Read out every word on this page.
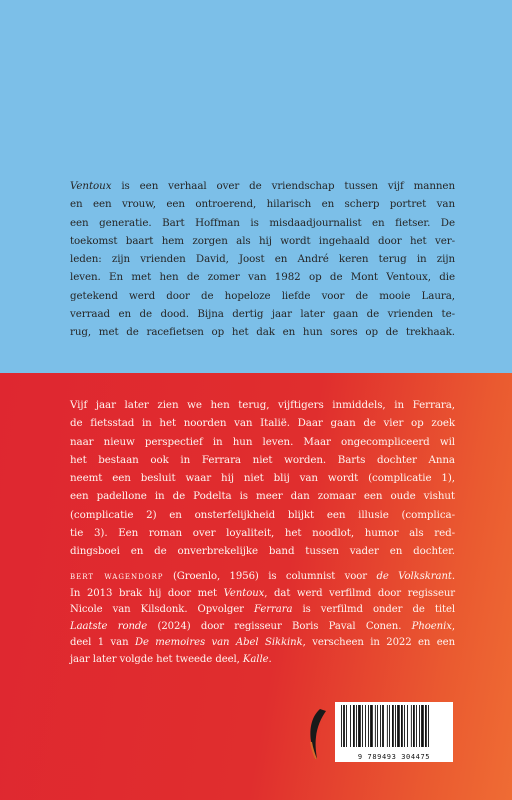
Ventoux is een verhaal over de vriendschap tussen vijf mannen
en een vrouw, een ontroerend, hilarisch en scherp portret van
een generatie. Bart Hoffman is misdaadjournalist en fietser. De
toekomst baart hem zorgen als hij wordt ingehaald door het ver-
leden: zijn vrienden David, Joost en André keren terug in zijn
leven. En met hen de zomer van 1982 op de Mont Ventoux, die
getekend werd door de hopeloze liefde voor de mooie Laura,
verraad en de dood. Bijna dertig jaar later gaan de vrienden te-
rug, met de racefietsen op het dak en hun sores op de trekhaak.
Vijf jaar later zien we hen terug, vijftigers inmiddels, in Ferrara,
de fietsstad in het noorden van Italië. Daar gaan de vier op zoek
naar nieuw perspectief in hun leven. Maar ongecompliceerd wil
het bestaan ook in Ferrara niet worden. Barts dochter Anna
neemt een besluit waar hij niet blij van wordt (complicatie 1),
een padellone in de Podelta is meer dan zomaar een oude vishut
(complicatie 2) en onsterfelijkheid blijkt een illusie (complica-
tie 3). Een roman over loyaliteit, het noodlot, humor als red-
dingsboei en de onverbrekelijke band tussen vader en dochter.
bert wagendorp (Groenlo, 1956) is columnist voor de Volkskrant.
In 2013 brak hij door met Ventoux, dat werd verfilmd door regisseur
Nicole van Kilsdonk. Opvolger Ferrara is verfilmd onder de titel
Laatste ronde (2024) door regisseur Boris Paval Conen. Phoenix,
deel 1 van De memoires van Abel Sikkink, verscheen in 2022 en een
jaar later volgde het tweede deel, Kalle.
9 789493 304475
